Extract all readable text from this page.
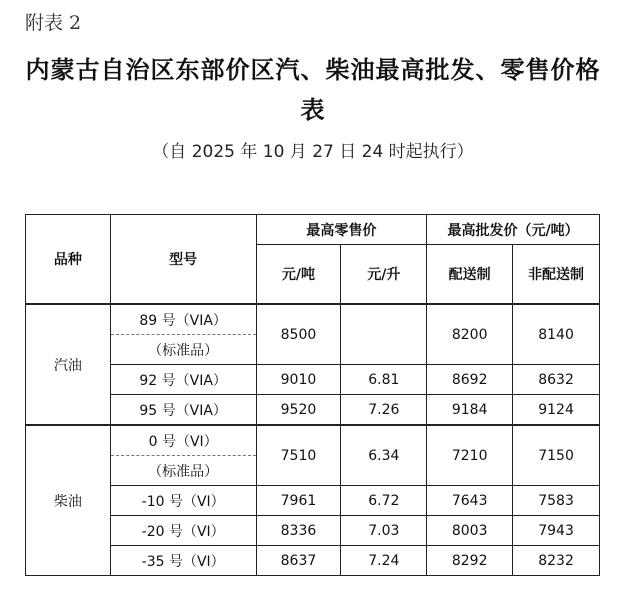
附表 2
内蒙古自治区东部价区汽、柴油最高批发、零售价格
表
（自 2025 年 10 月 27 日 24 时起执行）
品种	型号	最高零售价		最高批发价（元/吨）	
		元/吨	元/升	配送制	非配送制
汽油	89 号（VIA）	8500		8200	8140
	（标准品）				
	92 号（VIA）	9010	6.81	8692	8632
	95 号（VIA）	9520	7.26	9184	9124
柴油	0 号（VI）	7510	6.34	7210	7150
	（标准品）				
	-10 号（VI）	7961	6.72	7643	7583
	-20 号（VI）	8336	7.03	8003	7943
	-35 号（VI）	8637	7.24	8292	8232
